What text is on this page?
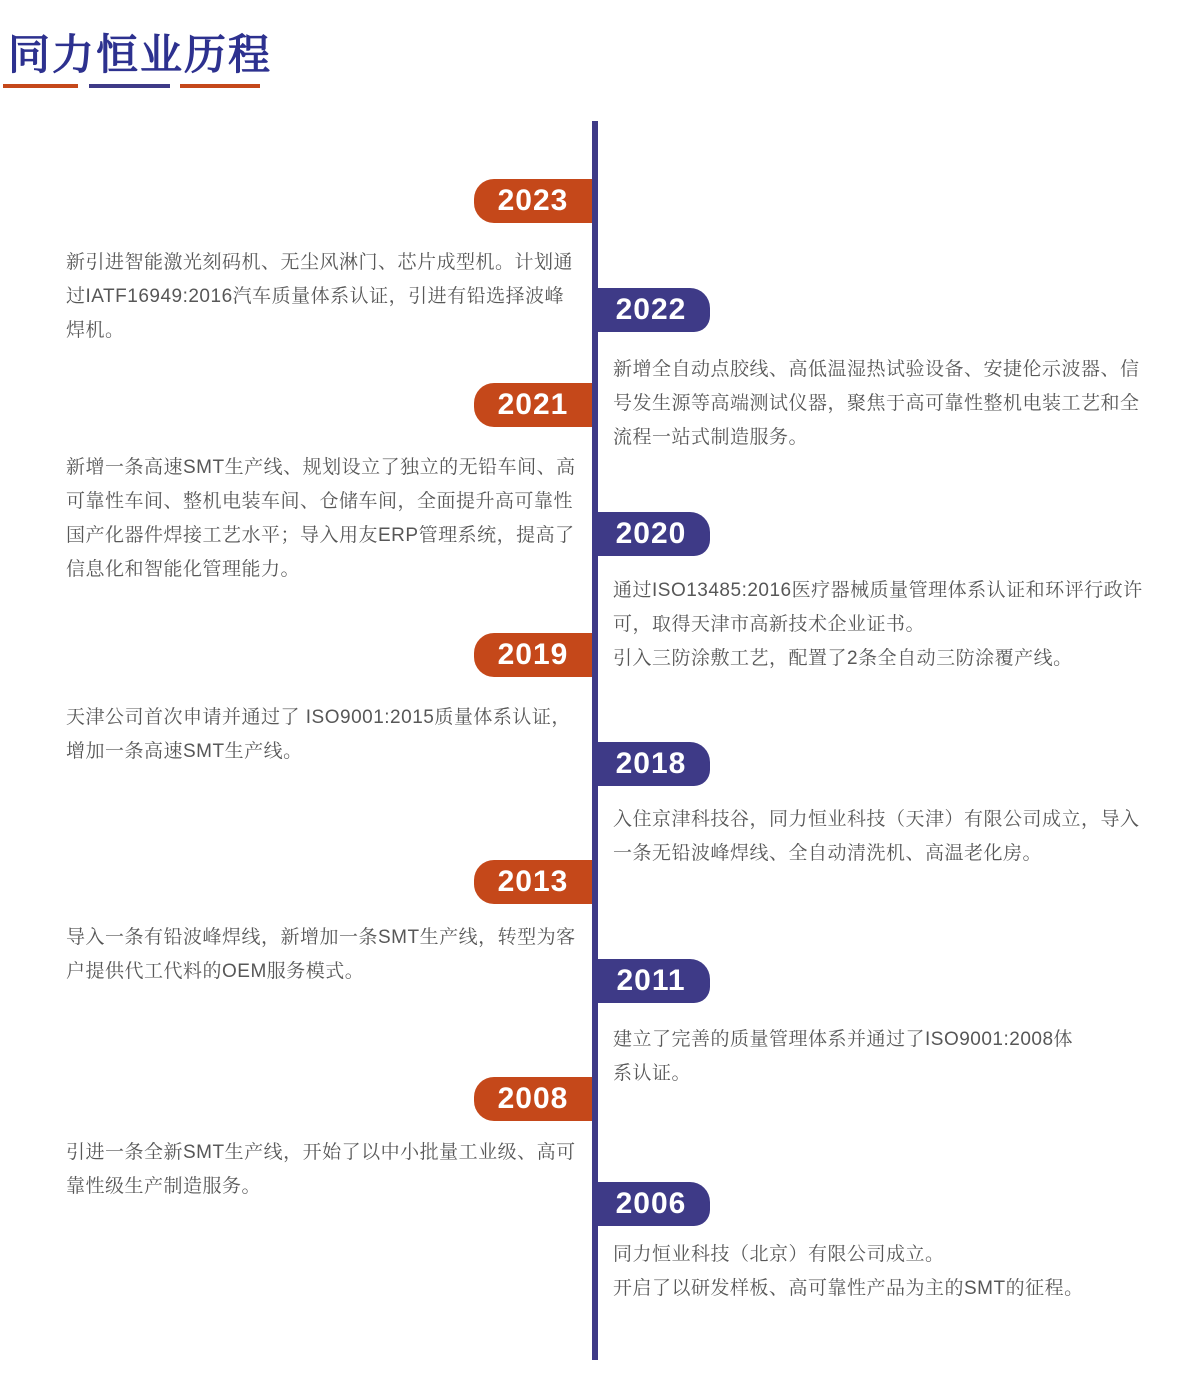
同力恒业历程
2023
新引进智能激光刻码机、无尘风淋门、芯片成型机。计划通过IATF16949:2016汽车质量体系认证，引进有铅选择波峰焊机。
2022
新增全自动点胶线、高低温湿热试验设备、安捷伦示波器、信号发生源等高端测试仪器，聚焦于高可靠性整机电装工艺和全流程一站式制造服务。
2021
新增一条高速SMT生产线、规划设立了独立的无铅车间、高可靠性车间、整机电装车间、仓储车间，全面提升高可靠性国产化器件焊接工艺水平；导入用友ERP管理系统，提高了信息化和智能化管理能力。
2020
通过ISO13485:2016医疗器械质量管理体系认证和环评行政许可，取得天津市高新技术企业证书。
引入三防涂敷工艺，配置了2条全自动三防涂覆产线。
2019
天津公司首次申请并通过了 ISO9001:2015质量体系认证，增加一条高速SMT生产线。	2018
入住京津科技谷，同力恒业科技（天津）有限公司成立，导入一条无铅波峰焊线、全自动清洗机、高温老化房。
2013
导入一条有铅波峰焊线，新增加一条SMT生产线，转型为客户提供代工代料的OEM服务模式。	2011
建立了完善的质量管理体系并通过了ISO9001:2008体系认证。
2008
引进一条全新SMT生产线，开始了以中小批量工业级、高可靠性级生产制造服务。
2006
同力恒业科技（北京）有限公司成立。
开启了以研发样板、高可靠性产品为主的SMT的征程。
